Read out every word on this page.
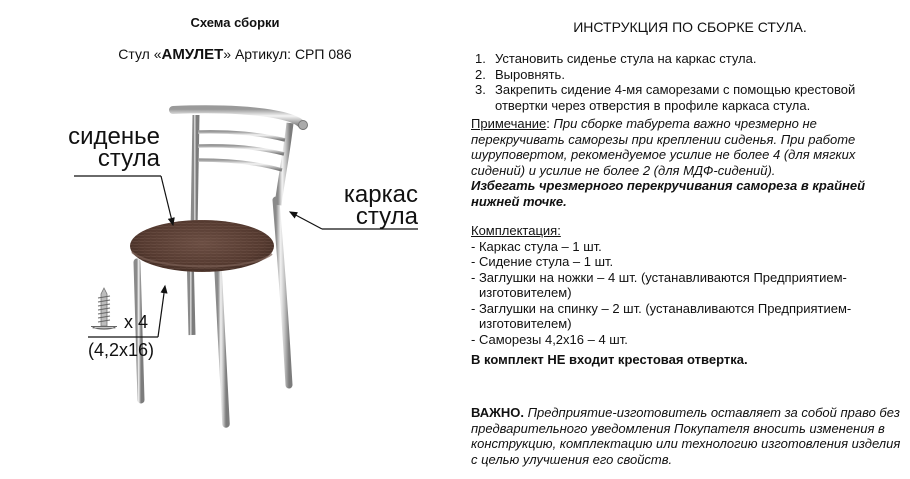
Схема сборки
Стул «АМУЛЕТ» Артикул: СРП 086
сиденье
стула
каркас
стула
x 4
(4,2x16)
ИНСТРУКЦИЯ ПО СБОРКЕ СТУЛА.
1. Установить сиденье стула на каркас стула.
2. Выровнять.
3. Закрепить сидение 4-мя саморезами с помощью крестовой
отвертки через отверстия в профиле каркаса стула.
Примечание: При сборке табурета важно чрезмерно не перекручивать саморезы при креплении сиденья. При работе шуруповертом, рекомендуемое усилие не более 4 (для мягких сидений) и усилие не более 2 (для МДФ-сидений).
Избегать чрезмерного перекручивания самореза в крайней нижней точке.
Комплектация:
- Каркас стула – 1 шт.
- Сидение стула – 1 шт.
- Заглушки на ножки – 4 шт. (устанавливаются Предприятием-
изготовителем)
- Заглушки на спинку – 2 шт. (устанавливаются Предприятием-
изготовителем)
- Саморезы 4,2x16 – 4 шт.
В комплект НЕ входит крестовая отвертка.
ВАЖНО. Предприятие-изготовитель оставляет за собой право без предварительного уведомления Покупателя вносить изменения в конструкцию, комплектацию или технологию изготовления изделия с целью улучшения его свойств.
